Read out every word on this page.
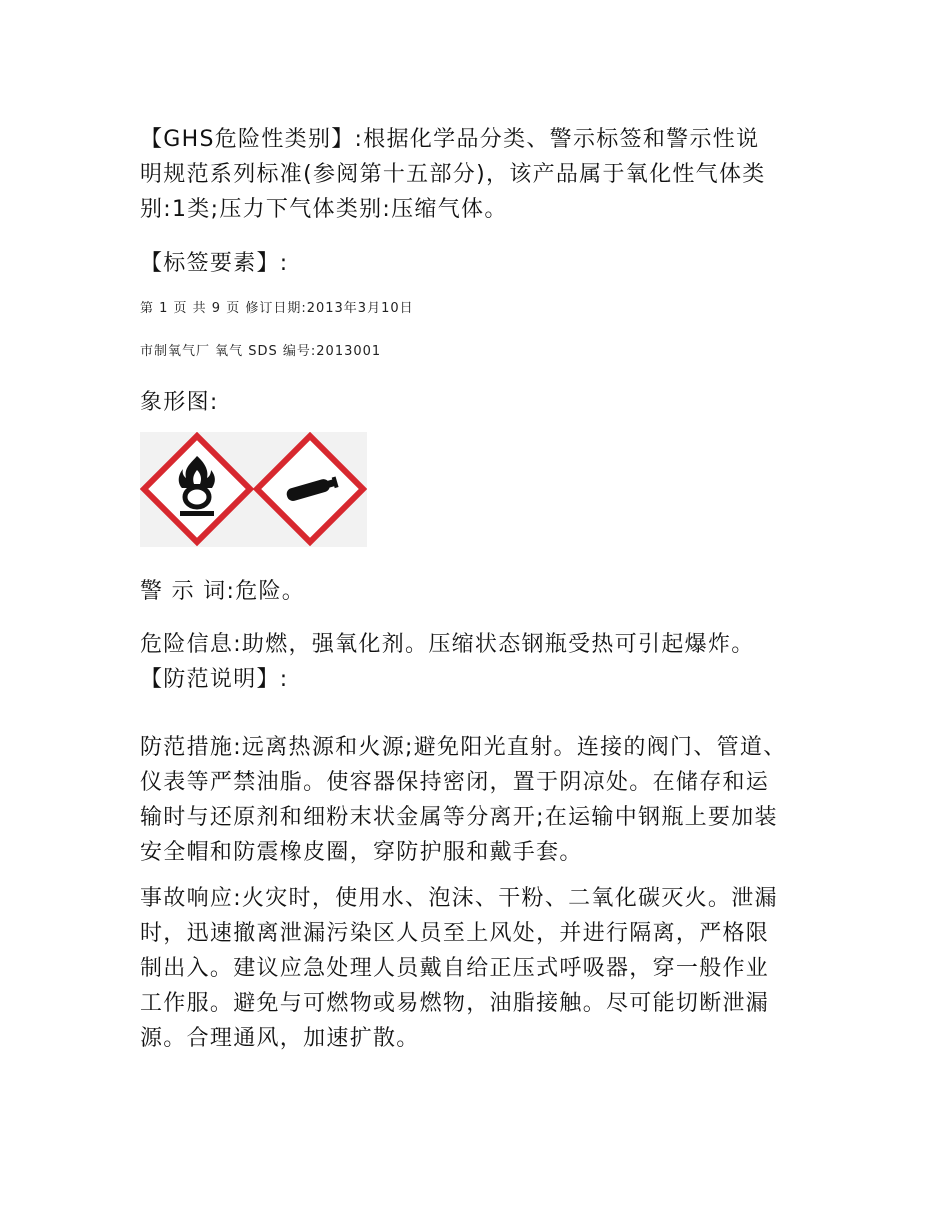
【GHS危险性类别】:根据化学品分类、警示标签和警示性说
明规范系列标准(参阅第十五部分)，该产品属于氧化性气体类
别:1类;压力下气体类别:压缩气体。
【标签要素】:
第 1 页 共 9 页 修订日期:2013年3月10日
市制氧气厂 氧气 SDS 编号:2013001
象形图:
警 示 词:危险。
危险信息:助燃，强氧化剂。压缩状态钢瓶受热可引起爆炸。
【防范说明】:
防范措施:远离热源和火源;避免阳光直射。连接的阀门、管道、
仪表等严禁油脂。使容器保持密闭，置于阴凉处。在储存和运
输时与还原剂和细粉末状金属等分离开;在运输中钢瓶上要加装
安全帽和防震橡皮圈，穿防护服和戴手套。
事故响应:火灾时，使用水、泡沫、干粉、二氧化碳灭火。泄漏
时，迅速撤离泄漏污染区人员至上风处，并进行隔离，严格限
制出入。建议应急处理人员戴自给正压式呼吸器，穿一般作业
工作服。避免与可燃物或易燃物，油脂接触。尽可能切断泄漏
源。合理通风，加速扩散。
